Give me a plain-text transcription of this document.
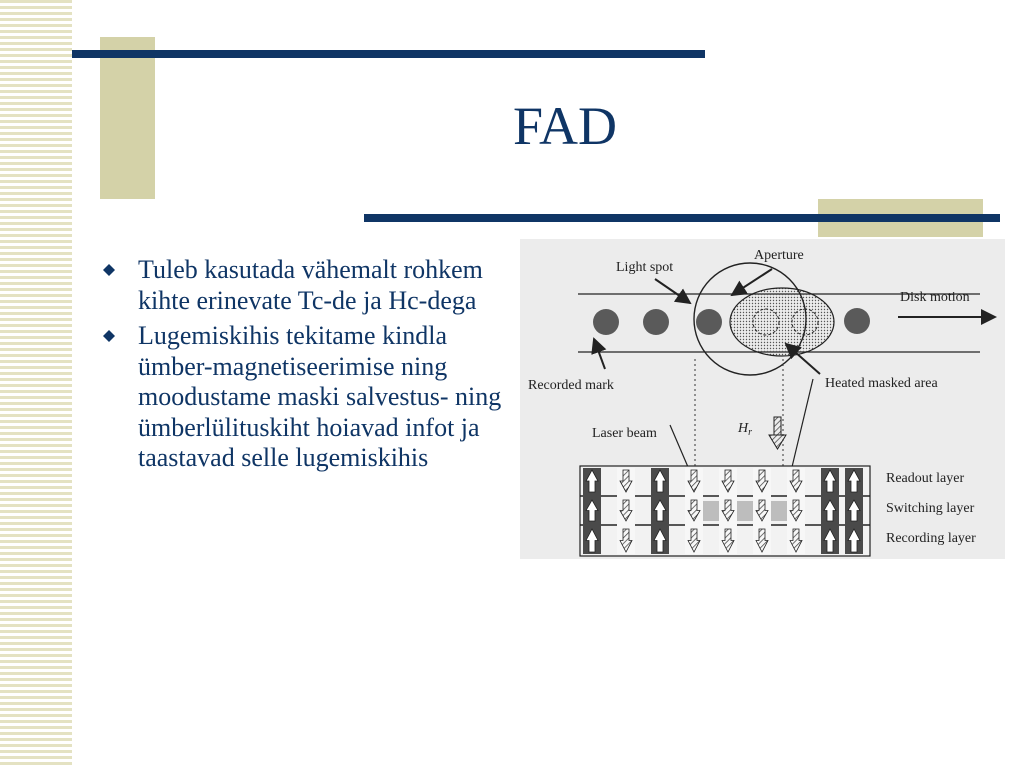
FAD
Tuleb kasutada vähemalt rohkem kihte erinevate Tc-de ja Hc-dega
Lugemiskihis tekitame kindla ümber-magnetiseerimise ning moodustame maski salvestus- ning ümberlülituskiht hoiavad infot ja taastavad selle lugemiskihis
Light spot
Aperture
Disk motion
Recorded mark	Heated masked area
Laser beam	$H_r$
Readout layer
Switching layer
Recording layer
